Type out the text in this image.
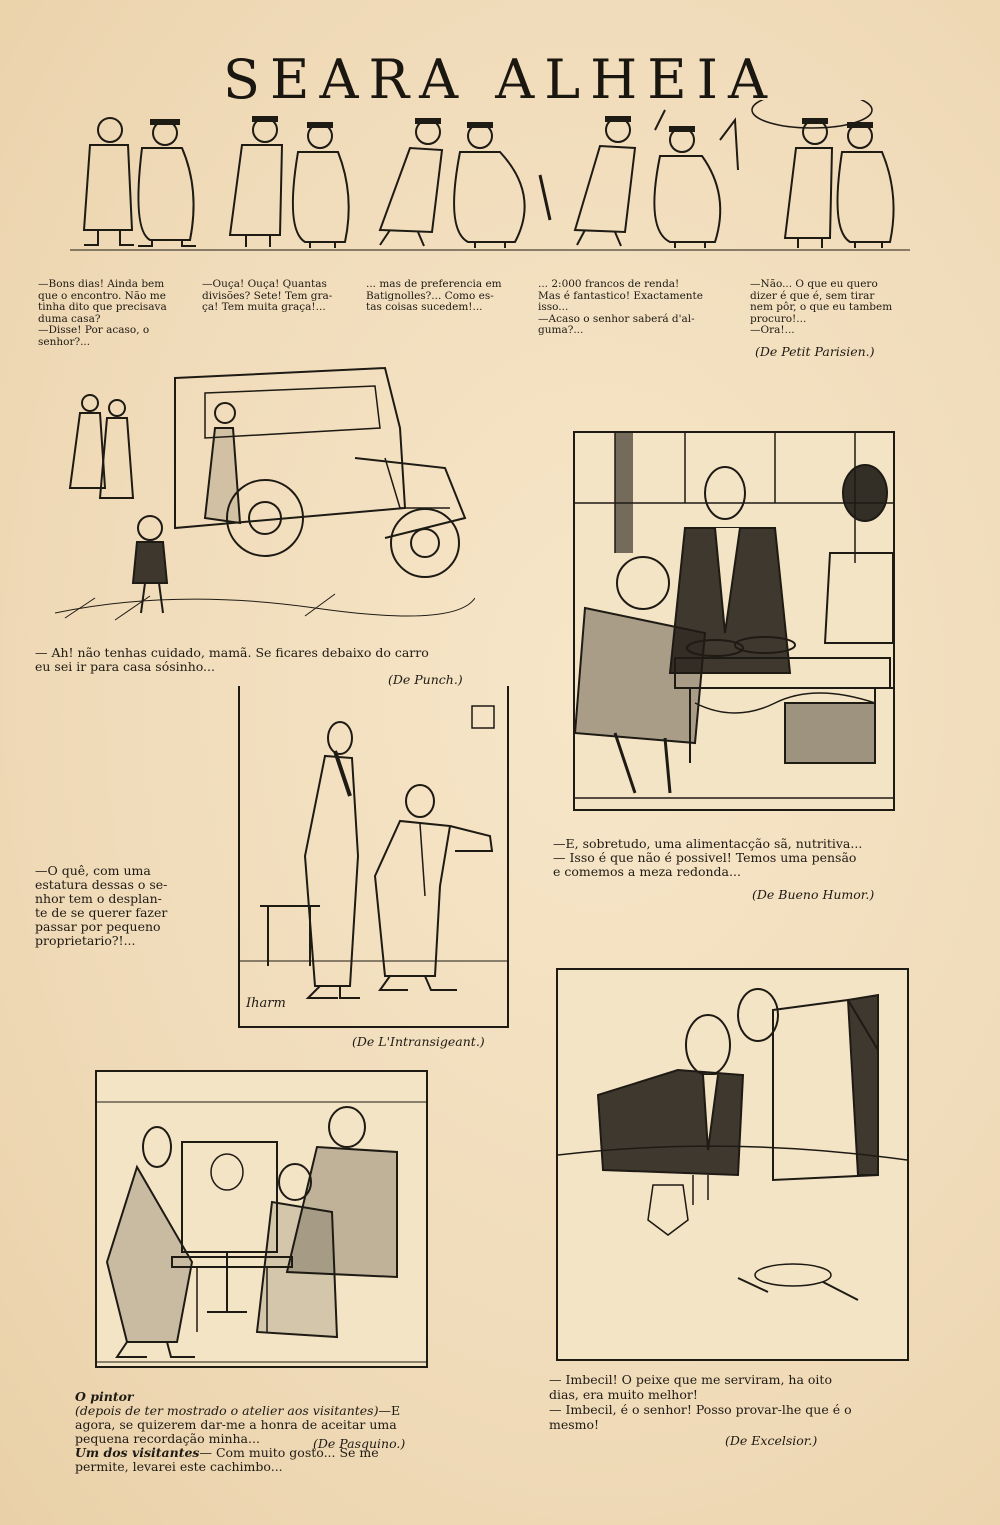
SEARA ALHEIA
—Bons dias! Ainda bem
que o encontro. Não me
tinha dito que precisava
duma casa?
—Disse! Por acaso, o
senhor?...
—Ouça! Ouça! Quantas
divisões? Sete! Tem gra-
ça! Tem muita graça!...
... mas de preferencia em
Batignolles?... Como es-
tas coisas sucedem!...
... 2:000 francos de renda!
Mas é fantastico! Exactamente
isso...
—Acaso o senhor saberá d'al-
guma?...
—Não... O que eu quero
dizer é que é, sem tirar
nem pôr, o que eu tambem
procuro!...
—Ora!...
(De Petit Parisien.)
— Ah! não tenhas cuidado, mamã. Se ficares debaixo do carro
eu sei ir para casa sósinho...
(De Punch.)
—E, sobretudo, uma alimentacção sã, nutritiva...
— Isso é que não é possivel! Temos uma pensão
e comemos a meza redonda...
(De Bueno Humor.)
Iharm
—O quê, com uma
estatura dessas o se-
nhor tem o desplan-
te de se querer fazer
passar por pequeno
proprietario?!...
(De L'Intransigeant.)

O pintor
(depois de ter mostrado o atelier aos visitantes)—E agora, se quizerem dar-me a honra de aceitar uma pequena recordação minha...
Um dos visitantes— Com muito gosto... Se me permite, levarei este cachimbo...

(De Pasquino.)
— Imbecil! O peixe que me serviram, ha oito
dias, era muito melhor!
— Imbecil, é o senhor! Posso provar-lhe que é o
mesmo!
(De Excelsior.)
